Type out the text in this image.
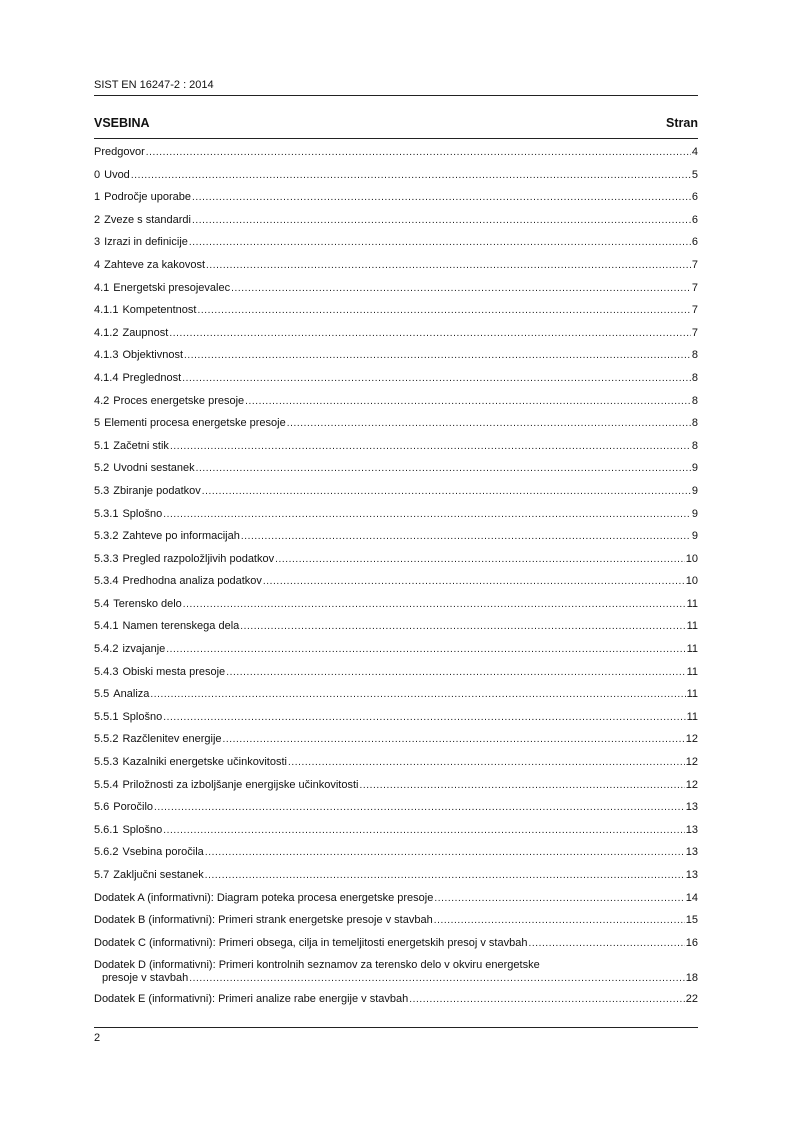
SIST EN 16247-2 : 2014
VSEBINA	Stran
Predgovor .....	4
0 Uvod .....	5
1 Področje uporabe .....	6
2 Zveze s standardi .....	6
3 Izrazi in definicije .....	6
4 Zahteve za kakovost .....	7
4.1 Energetski presojevalec .....	7
4.1.1 Kompetentnost .....	7
4.1.2 Zaupnost .....	7
4.1.3 Objektivnost .....	8
4.1.4 Preglednost .....	8
4.2 Proces energetske presoje .....	8
5 Elementi procesa energetske presoje .....	8
5.1 Začetni stik .....	8
5.2 Uvodni sestanek .....	9
5.3 Zbiranje podatkov .....	9
5.3.1 Splošno .....	9
5.3.2 Zahteve po informacijah .....	9
5.3.3 Pregled razpoložljivih podatkov .....	10
5.3.4 Predhodna analiza podatkov .....	10
5.4 Terensko delo .....	11
5.4.1 Namen terenskega dela .....	11
5.4.2 izvajanje .....	11
5.4.3 Obiski mesta presoje .....	11
5.5 Analiza .....	11
5.5.1 Splošno .....	11
5.5.2 Razčlenitev energije .....	12
5.5.3 Kazalniki energetske učinkovitosti .....	12
5.5.4 Priložnosti za izboljšanje energijske učinkovitosti .....	12
5.6 Poročilo .....	13
5.6.1 Splošno .....	13
5.6.2 Vsebina poročila .....	13
5.7 Zaključni sestanek .....	13
Dodatek A (informativni): Diagram poteka procesa energetske presoje .....	14
Dodatek B (informativni): Primeri strank energetske presoje v stavbah .....	15
Dodatek C (informativni): Primeri obsega, cilja in temeljitosti energetskih presoj v stavbah .....	16
Dodatek D (informativni): Primeri kontrolnih seznamov za terensko delo v okviru energetske
presoje v stavbah .....	18
Dodatek E (informativni): Primeri analize rabe energije v stavbah .....	22
2
